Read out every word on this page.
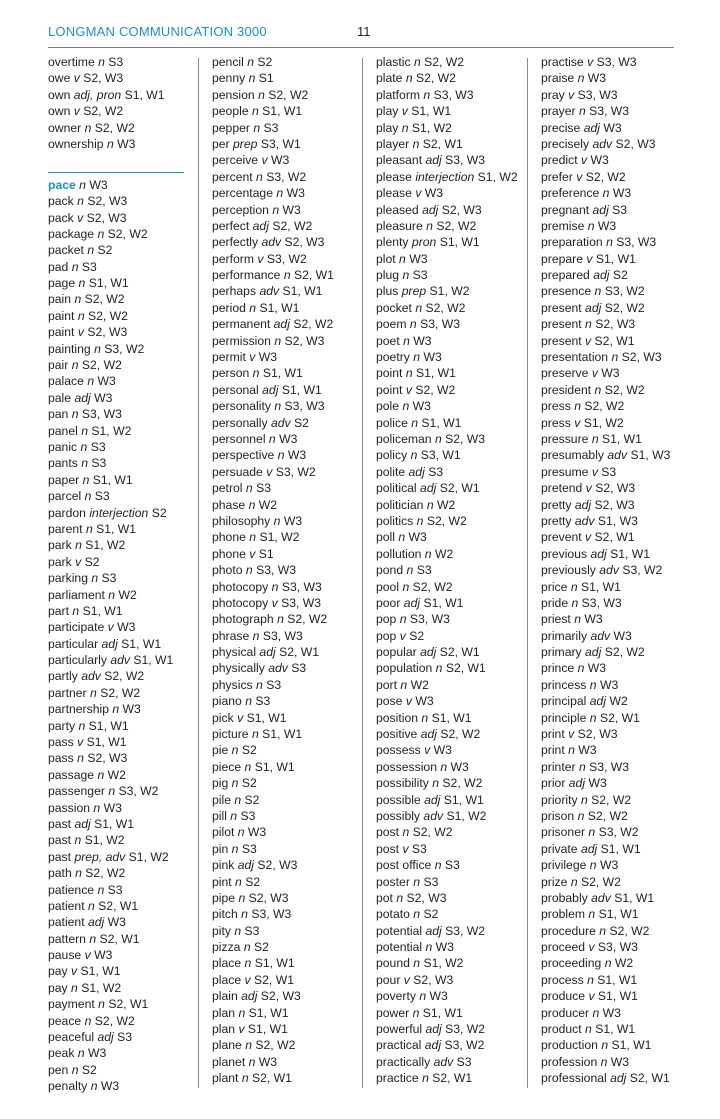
LONGMAN COMMUNICATION 3000	11
overtime n S3
owe v S2, W3
own adj, pron S1, W1
own v S2, W2
owner n S2, W2
ownership n W3
pace n W3
pack n S2, W3
pack v S2, W3
package n S2, W2
packet n S2
pad n S3
page n S1, W1
pain n S2, W2
paint n S2, W2
paint v S2, W3
painting n S3, W2
pair n S2, W2
palace n W3
pale adj W3
pan n S3, W3
panel n S1, W2
panic n S3
pants n S3
paper n S1, W1
parcel n S3
pardon interjection S2
parent n S1, W1
park n S1, W2
park v S2
parking n S3
parliament n W2
part n S1, W1
participate v W3
particular adj S1, W1
particularly adv S1, W1
partly adv S2, W2
partner n S2, W2
partnership n W3
party n S1, W1
pass v S1, W1
pass n S2, W3
passage n W2
passenger n S3, W2
passion n W3
past adj S1, W1
past n S1, W2
past prep, adv S1, W2
path n S2, W2
patience n S3
patient n S2, W1
patient adj W3
pattern n S2, W1
pause v W3
pay v S1, W1
pay n S1, W2
payment n S2, W1
peace n S2, W2
peaceful adj S3
peak n W3
pen n S2
penalty n W3
pencil n S2
penny n S1
pension n S2, W2
people n S1, W1
pepper n S3
per prep S3, W1
perceive v W3
percent n S3, W2
percentage n W3
perception n W3
perfect adj S2, W2
perfectly adv S2, W3
perform v S3, W2
performance n S2, W1
perhaps adv S1, W1
period n S1, W1
permanent adj S2, W2
permission n S2, W3
permit v W3
person n S1, W1
personal adj S1, W1
personality n S3, W3
personally adv S2
personnel n W3
perspective n W3
persuade v S3, W2
petrol n S3
phase n W2
philosophy n W3
phone n S1, W2
phone v S1
photo n S3, W3
photocopy n S3, W3
photocopy v S3, W3
photograph n S2, W2
phrase n S3, W3
physical adj S2, W1
physically adv S3
physics n S3
piano n S3
pick v S1, W1
picture n S1, W1
pie n S2
piece n S1, W1
pig n S2
pile n S2
pill n S3
pilot n W3
pin n S3
pink adj S2, W3
pint n S2
pipe n S2, W3
pitch n S3, W3
pity n S3
pizza n S2
place n S1, W1
place v S2, W1
plain adj S2, W3
plan n S1, W1
plan v S1, W1
plane n S2, W2
planet n W3
plant n S2, W1
plastic n S2, W2
plate n S2, W2
platform n S3, W3
play v S1, W1
play n S1, W2
player n S2, W1
pleasant adj S3, W3
please interjection S1, W2
please v W3
pleased adj S2, W3
pleasure n S2, W2
plenty pron S1, W1
plot n W3
plug n S3
plus prep S1, W2
pocket n S2, W2
poem n S3, W3
poet n W3
poetry n W3
point n S1, W1
point v S2, W2
pole n W3
police n S1, W1
policeman n S2, W3
policy n S3, W1
polite adj S3
political adj S2, W1
politician n W2
politics n S2, W2
poll n W3
pollution n W2
pond n S3
pool n S2, W2
poor adj S1, W1
pop n S3, W3
pop v S2
popular adj S2, W1
population n S2, W1
port n W2
pose v W3
position n S1, W1
positive adj S2, W2
possess v W3
possession n W3
possibility n S2, W2
possible adj S1, W1
possibly adv S1, W2
post n S2, W2
post v S3
post office n S3
poster n S3
pot n S2, W3
potato n S2
potential adj S3, W2
potential n W3
pound n S1, W2
pour v S2, W3
poverty n W3
power n S1, W1
powerful adj S3, W2
practical adj S3, W2
practically adv S3
practice n S2, W1
practise v S3, W3
praise n W3
pray v S3, W3
prayer n S3, W3
precise adj W3
precisely adv S2, W3
predict v W3
prefer v S2, W2
preference n W3
pregnant adj S3
premise n W3
preparation n S3, W3
prepare v S1, W1
prepared adj S2
presence n S3, W2
present adj S2, W2
present n S2, W3
present v S2, W1
presentation n S2, W3
preserve v W3
president n S2, W2
press n S2, W2
press v S1, W2
pressure n S1, W1
presumably adv S1, W3
presume v S3
pretend v S2, W3
pretty adj S2, W3
pretty adv S1, W3
prevent v S2, W1
previous adj S1, W1
previously adv S3, W2
price n S1, W1
pride n S3, W3
priest n W3
primarily adv W3
primary adj S2, W2
prince n W3
princess n W3
principal adj W2
principle n S2, W1
print v S2, W3
print n W3
printer n S3, W3
prior adj W3
priority n S2, W2
prison n S2, W2
prisoner n S3, W2
private adj S1, W1
privilege n W3
prize n S2, W2
probably adv S1, W1
problem n S1, W1
procedure n S2, W2
proceed v S3, W3
proceeding n W2
process n S1, W1
produce v S1, W1
producer n W3
product n S1, W1
production n S1, W1
profession n W3
professional adj S2, W1
